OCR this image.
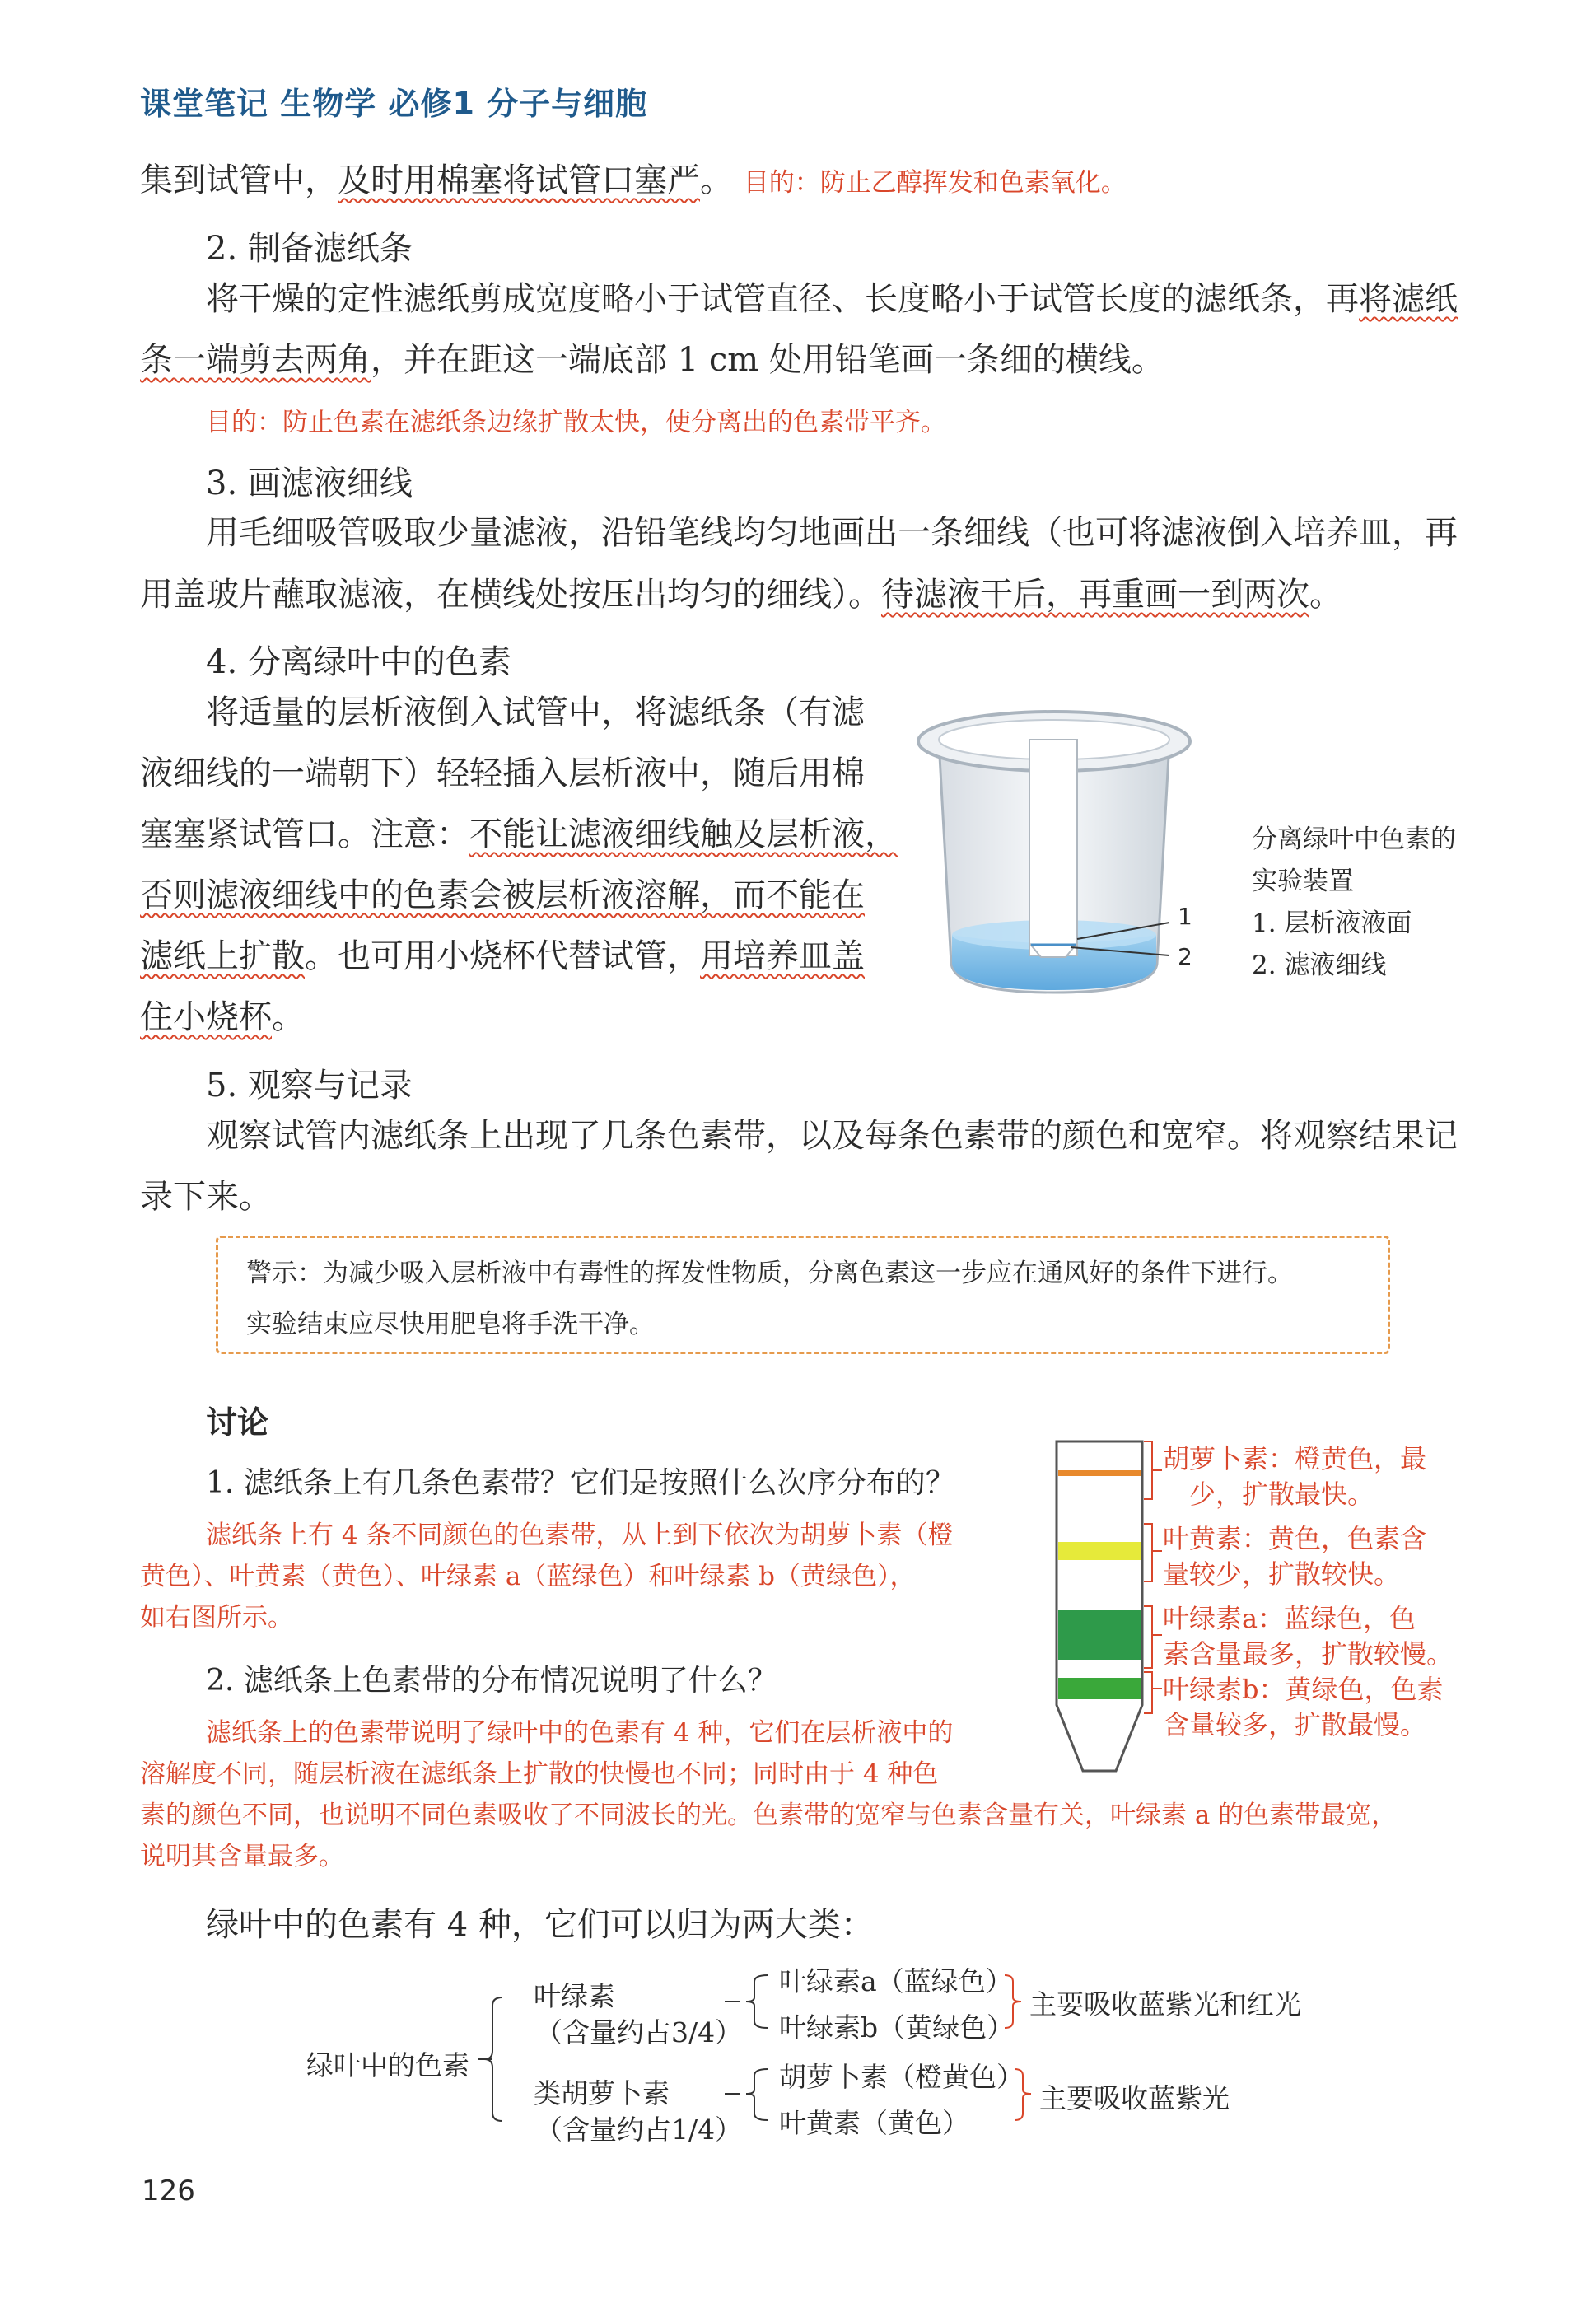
课堂笔记 生物学 必修1 分子与细胞
集到试管中，及时用棉塞将试管口塞严。 目的：防止乙醇挥发和色素氧化。
2. 制备滤纸条
将干燥的定性滤纸剪成宽度略小于试管直径、长度略小于试管长度的滤纸条，再将滤纸
条一端剪去两角，并在距这一端底部 1 cm 处用铅笔画一条细的横线。
目的：防止色素在滤纸条边缘扩散太快，使分离出的色素带平齐。
3. 画滤液细线
用毛细吸管吸取少量滤液，沿铅笔线均匀地画出一条细线（也可将滤液倒入培养皿，再
用盖玻片蘸取滤液，在横线处按压出均匀的细线）。待滤液干后，再重画一到两次。
4. 分离绿叶中的色素
将适量的层析液倒入试管中，将滤纸条（有滤
液细线的一端朝下）轻轻插入层析液中，随后用棉
塞塞紧试管口。注意：不能让滤液细线触及层析液，
否则滤液细线中的色素会被层析液溶解，而不能在
滤纸上扩散。也可用小烧杯代替试管，用培养皿盖
住小烧杯。
1
2
分离绿叶中色素的
实验装置
1. 层析液液面
2. 滤液细线
5. 观察与记录
观察试管内滤纸条上出现了几条色素带，以及每条色素带的颜色和宽窄。将观察结果记
录下来。
警示：为减少吸入层析液中有毒性的挥发性物质，分离色素这一步应在通风好的条件下进行。
实验结束应尽快用肥皂将手洗干净。
讨论
1. 滤纸条上有几条色素带？它们是按照什么次序分布的？
滤纸条上有 4 条不同颜色的色素带，从上到下依次为胡萝卜素（橙
黄色）、叶黄素（黄色）、叶绿素 a（蓝绿色）和叶绿素 b（黄绿色），
如右图所示。
2. 滤纸条上色素带的分布情况说明了什么？
滤纸条上的色素带说明了绿叶中的色素有 4 种，它们在层析液中的
溶解度不同，随层析液在滤纸条上扩散的快慢也不同；同时由于 4 种色
素的颜色不同，也说明不同色素吸收了不同波长的光。色素带的宽窄与色素含量有关，叶绿素 a 的色素带最宽，
说明其含量最多。
胡萝卜素：橙黄色，最
少，扩散最快。
叶黄素：黄色，色素含
量较少，扩散较快。
叶绿素a：蓝绿色，色
素含量最多，扩散较慢。
叶绿素b：黄绿色，色素
含量较多，扩散最慢。
绿叶中的色素有 4 种，它们可以归为两大类：
绿叶中的色素
叶绿素
（含量约占3/4）
类胡萝卜素
（含量约占1/4）
叶绿素a（蓝绿色）
叶绿素b（黄绿色）
胡萝卜素（橙黄色）
叶黄素（黄色）
主要吸收蓝紫光和红光
主要吸收蓝紫光
126
